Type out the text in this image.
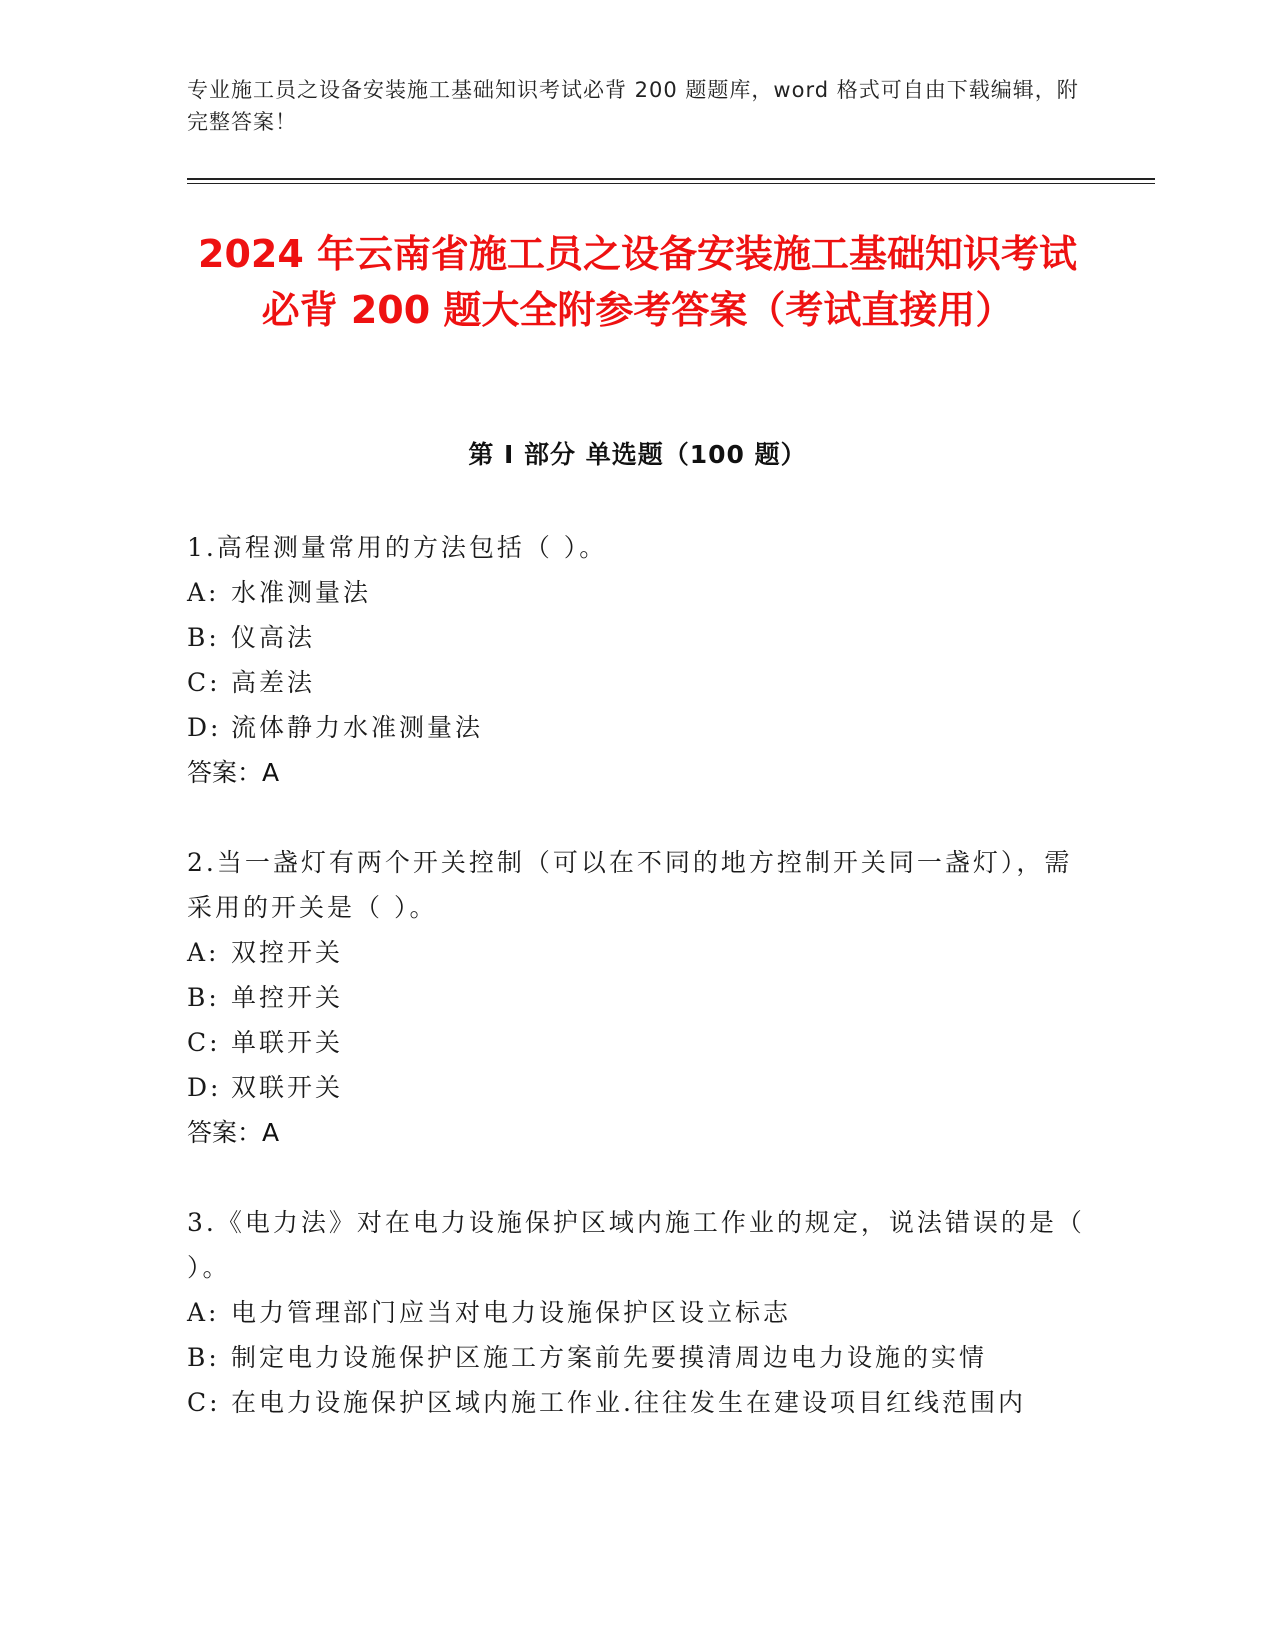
专业施工员之设备安装施工基础知识考试必背 200 题题库，word 格式可自由下载编辑，附完整答案！
2024 年云南省施工员之设备安装施工基础知识考试必背 200 题大全附参考答案（考试直接用）
第 I 部分 单选题（100 题）
1.高程测量常用的方法包括（ ）。
A: 水准测量法
B: 仪高法
C: 高差法
D: 流体静力水准测量法
答案：A
2.当一盏灯有两个开关控制（可以在不同的地方控制开关同一盏灯），需采用的开关是（ ）。
A: 双控开关
B: 单控开关
C: 单联开关
D: 双联开关
答案：A
3.《电力法》对在电力设施保护区域内施工作业的规定，说法错误的是（ ）。
A: 电力管理部门应当对电力设施保护区设立标志
B: 制定电力设施保护区施工方案前先要摸清周边电力设施的实情
C: 在电力设施保护区域内施工作业.往往发生在建设项目红线范围内
